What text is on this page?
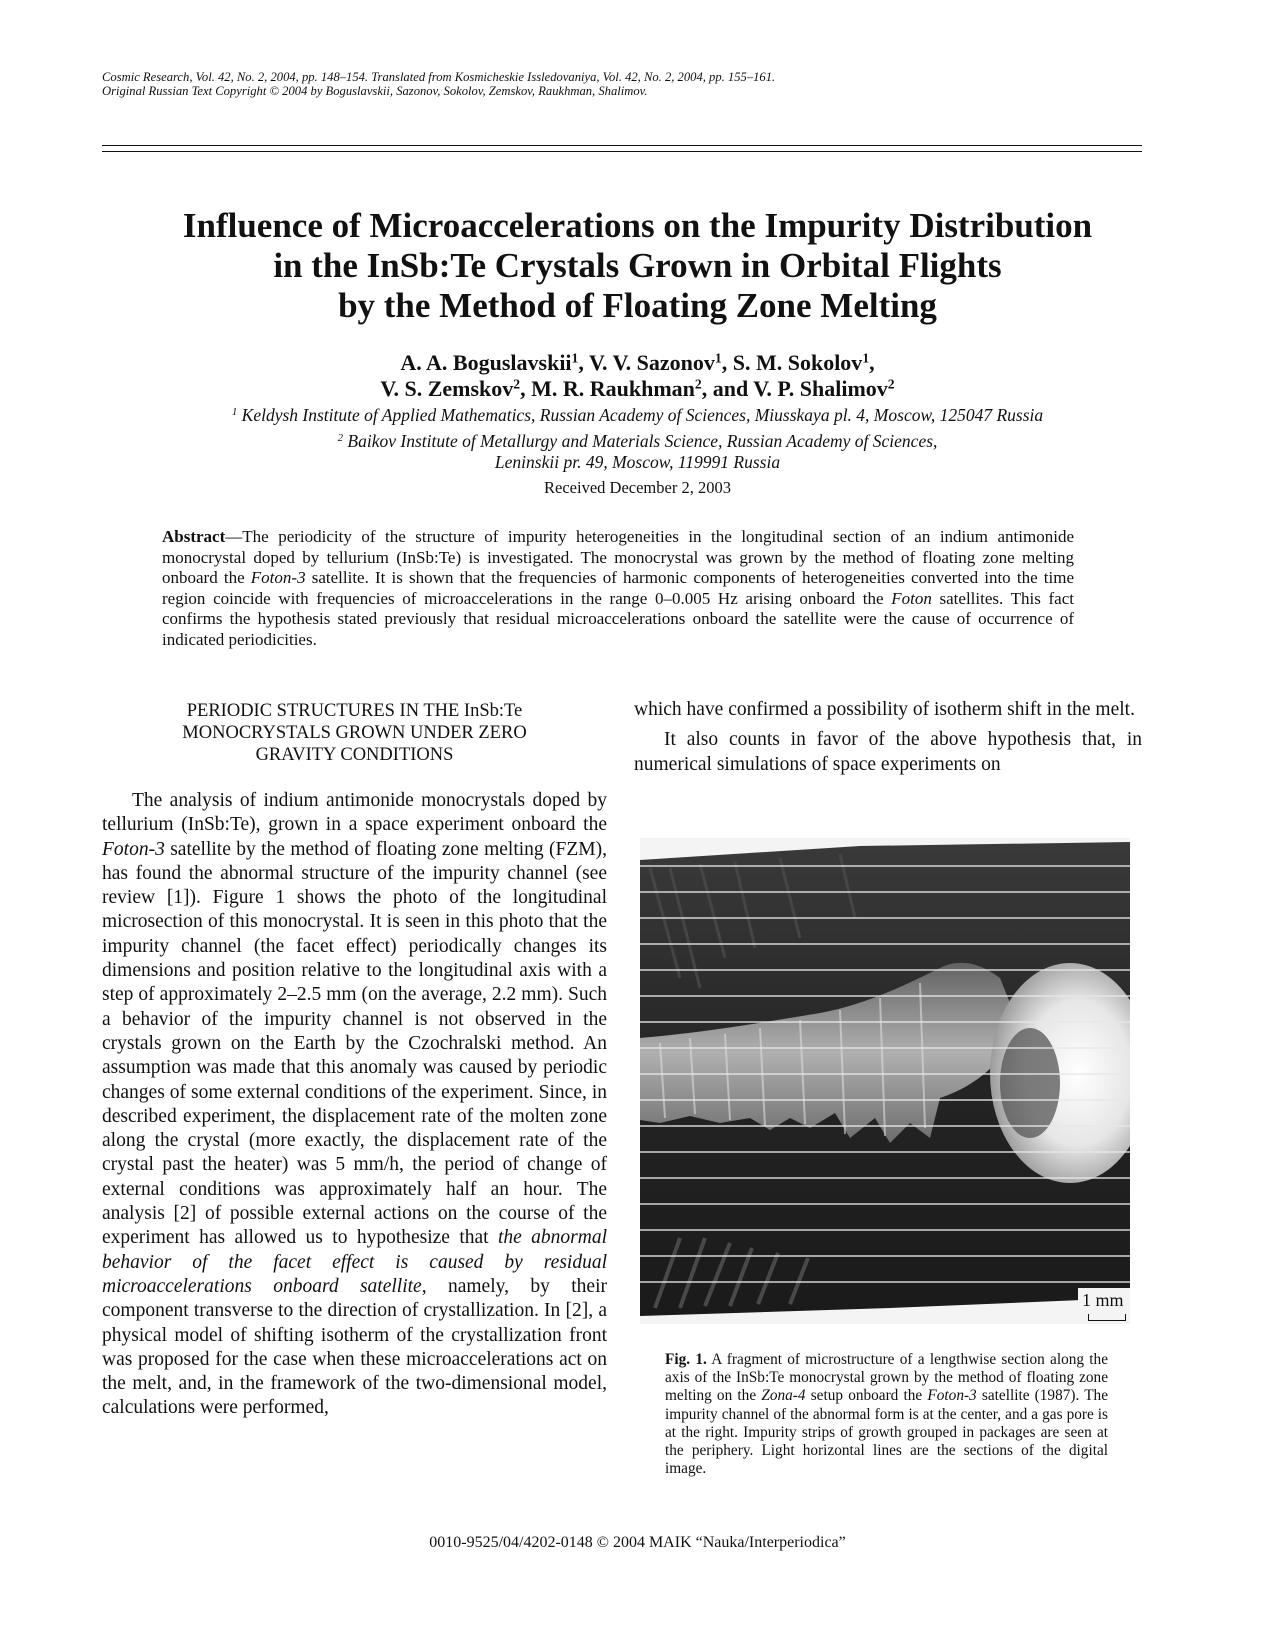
Cosmic Research, Vol. 42, No. 2, 2004, pp. 148–154. Translated from Kosmicheskie Issledovaniya, Vol. 42, No. 2, 2004, pp. 155–161.
Original Russian Text Copyright © 2004 by Boguslavskii, Sazonov, Sokolov, Zemskov, Raukhman, Shalimov.
Influence of Microaccelerations on the Impurity Distribution
in the InSb:Te Crystals Grown in Orbital Flights
by the Method of Floating Zone Melting
A. A. Boguslavskii$^1$, V. V. Sazonov$^1$, S. M. Sokolov$^1$,
V. S. Zemskov$^2$, M. R. Raukhman$^2$, and V. P. Shalimov$^2$
$^1$ Keldysh Institute of Applied Mathematics, Russian Academy of Sciences, Miusskaya pl. 4, Moscow, 125047 Russia
$^2$ Baikov Institute of Metallurgy and Materials Science, Russian Academy of Sciences,
Leninskii pr. 49, Moscow, 119991 Russia
Received December 2, 2003
Abstract—The periodicity of the structure of impurity heterogeneities in the longitudinal section of an indium antimonide monocrystal doped by tellurium (InSb:Te) is investigated. The monocrystal was grown by the method of floating zone melting onboard the Foton-3 satellite. It is shown that the frequencies of harmonic components of heterogeneities converted into the time region coincide with frequencies of microaccelerations in the range 0–0.005 Hz arising onboard the Foton satellites. This fact confirms the hypothesis stated previously that residual microaccelerations onboard the satellite were the cause of occurrence of indicated periodicities.
PERIODIC STRUCTURES IN THE InSb:Te
MONOCRYSTALS GROWN UNDER ZERO
GRAVITY CONDITIONS

The analysis of indium antimonide monocrystals doped by tellurium (InSb:Te), grown in a space experiment onboard the Foton-3 satellite by the method of floating zone melting (FZM), has found the abnormal structure of the impurity channel (see review [1]). Figure 1 shows the photo of the longitudinal microsection of this monocrystal. It is seen in this photo that the impurity channel (the facet effect) periodically changes its dimensions and position relative to the longitudinal axis with a step of approximately 2–2.5 mm (on the average, 2.2 mm). Such a behavior of the impurity channel is not observed in the crystals grown on the Earth by the Czochralski method. An assumption was made that this anomaly was caused by periodic changes of some external conditions of the experiment. Since, in described experiment, the displacement rate of the molten zone along the crystal (more exactly, the displacement rate of the crystal past the heater) was 5 mm/h, the period of change of external conditions was approximately half an hour. The analysis [2] of possible external actions on the course of the experiment has allowed us to hypothesize that the abnormal behavior of the facet effect is caused by residual microaccelerations onboard satellite, namely, by their component transverse to the direction of crystallization. In [2], a physical model of shifting isotherm of the crystallization front was proposed for the case when these microaccelerations act on the melt, and, in the framework of the two-dimensional model, calculations were performed,

which have confirmed a possibility of isotherm shift in the melt.

It also counts in favor of the above hypothesis that, in numerical simulations of space experiments on

1 mm
Fig. 1. A fragment of microstructure of a lengthwise section along the axis of the InSb:Te monocrystal grown by the method of floating zone melting on the Zona-4 setup onboard the Foton-3 satellite (1987). The impurity channel of the abnormal form is at the center, and a gas pore is at the right. Impurity strips of growth grouped in packages are seen at the periphery. Light horizontal lines are the sections of the digital image.
0010-9525/04/4202-0148 © 2004 MAIK “Nauka/Interperiodica”
